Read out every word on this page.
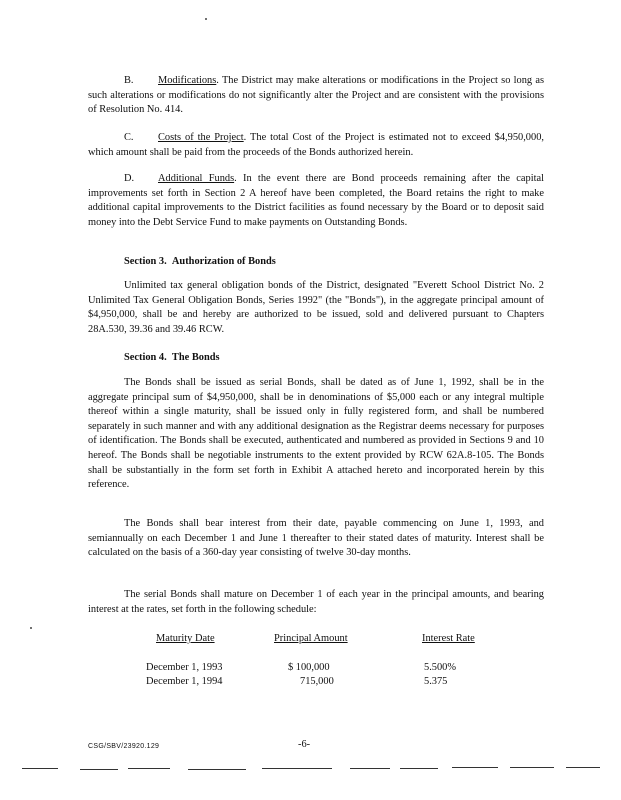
B. Modifications. The District may make alterations or modifications in the Project so long as such alterations or modifications do not significantly alter the Project and are consistent with the provisions of Resolution No. 414.

C. Costs of the Project. The total Cost of the Project is estimated not to exceed $4,950,000, which amount shall be paid from the proceeds of the Bonds authorized herein.

D. Additional Funds. In the event there are Bond proceeds remaining after the capital improvements set forth in Section 2 A hereof have been completed, the Board retains the right to make additional capital improvements to the District facilities as found necessary by the Board or to deposit said money into the Debt Service Fund to make payments on Outstanding Bonds.

Section 3. Authorization of Bonds

Unlimited tax general obligation bonds of the District, designated "Everett School District No. 2 Unlimited Tax General Obligation Bonds, Series 1992" (the "Bonds"), in the aggregate principal amount of $4,950,000, shall be and hereby are authorized to be issued, sold and delivered pursuant to Chapters 28A.530, 39.36 and 39.46 RCW.

Section 4. The Bonds

The Bonds shall be issued as serial Bonds, shall be dated as of June 1, 1992, shall be in the aggregate principal sum of $4,950,000, shall be in denominations of $5,000 each or any integral multiple thereof within a single maturity, shall be issued only in fully registered form, and shall be numbered separately in such manner and with any additional designation as the Registrar deems necessary for purposes of identification. The Bonds shall be executed, authenticated and numbered as provided in Sections 9 and 10 hereof. The Bonds shall be negotiable instruments to the extent provided by RCW 62A.8-105. The Bonds shall be substantially in the form set forth in Exhibit A attached hereto and incorporated herein by this reference.

The Bonds shall bear interest from their date, payable commencing on June 1, 1993, and semiannually on each December 1 and June 1 thereafter to their stated dates of maturity. Interest shall be calculated on the basis of a 360-day year consisting of twelve 30-day months.

The serial Bonds shall mature on December 1 of each year in the principal amounts, and bearing interest at the rates, set forth in the following schedule:

Maturity Date	Principal Amount	Interest Rate
December 1, 1993	$ 100,000	5.500%
December 1, 1994	715,000	5.375
CSG/SBV/23920.129	-6-
